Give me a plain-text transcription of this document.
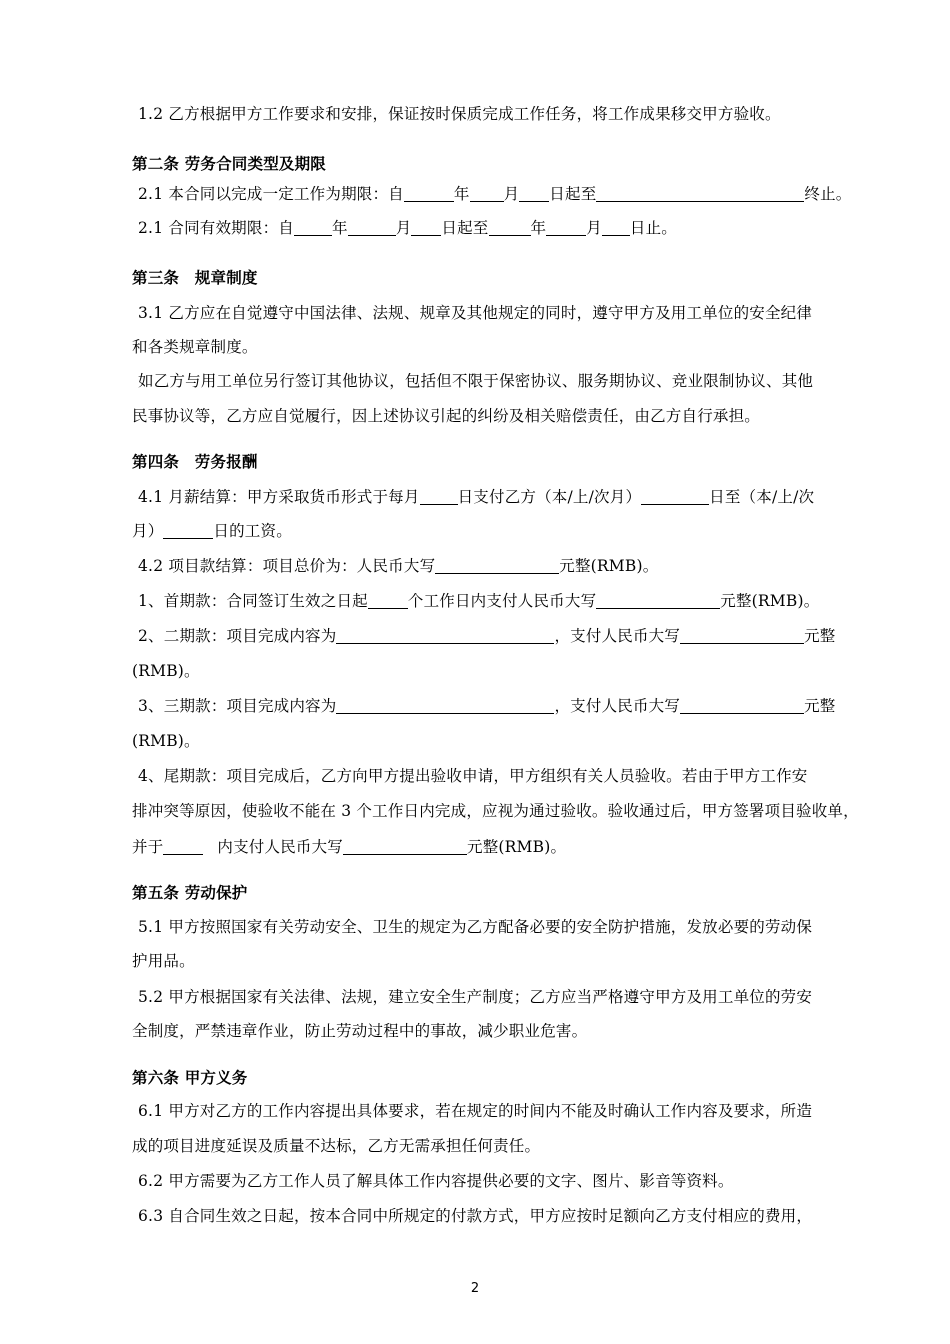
1.2 乙方根据甲方工作要求和安排，保证按时保质完成工作任务，将工作成果移交甲方验收。
第二条 劳务合同类型及期限
2.1 本合同以完成一定工作为期限：自	年 月 日起至	终止。
2.1 合同有效期限：自 年	月 日起至	年	月 日止。
第三条　规章制度
3.1 乙方应在自觉遵守中国法律、法规、规章及其他规定的同时，遵守甲方及用工单位的安全纪律
和各类规章制度。
如乙方与用工单位另行签订其他协议，包括但不限于保密协议、服务期协议、竞业限制协议、其他
民事协议等，乙方应自觉履行，因上述协议引起的纠纷及相关赔偿责任，由乙方自行承担。
第四条　劳务报酬
4.1 月薪结算：甲方采取货币形式于每月 日支付乙方（本/上/次月）	日至（本/上/次
月）	日的工资。
4.2 项目款结算：项目总价为：人民币大写	元整(RMB)。
1、首期款：合同签订生效之日起	个工作日内支付人民币大写	元整(RMB)。
2、二期款：项目完成内容为	，支付人民币大写	元整
(RMB)。
3、三期款：项目完成内容为	，支付人民币大写	元整
(RMB)。
4、尾期款：项目完成后，乙方向甲方提出验收申请，甲方组织有关人员验收。若由于甲方工作安
排冲突等原因，使验收不能在 3 个工作日内完成，应视为通过验收。验收通过后，甲方签署项目验收单，
并于	内支付人民币大写	元整(RMB)。
第五条 劳动保护
5.1 甲方按照国家有关劳动安全、卫生的规定为乙方配备必要的安全防护措施，发放必要的劳动保
护用品。
5.2 甲方根据国家有关法律、法规，建立安全生产制度；乙方应当严格遵守甲方及用工单位的劳安
全制度，严禁违章作业，防止劳动过程中的事故，减少职业危害。
第六条 甲方义务
6.1 甲方对乙方的工作内容提出具体要求，若在规定的时间内不能及时确认工作内容及要求，所造
成的项目进度延误及质量不达标，乙方无需承担任何责任。
6.2 甲方需要为乙方工作人员了解具体工作内容提供必要的文字、图片、影音等资料。
6.3 自合同生效之日起，按本合同中所规定的付款方式，甲方应按时足额向乙方支付相应的费用，
2
